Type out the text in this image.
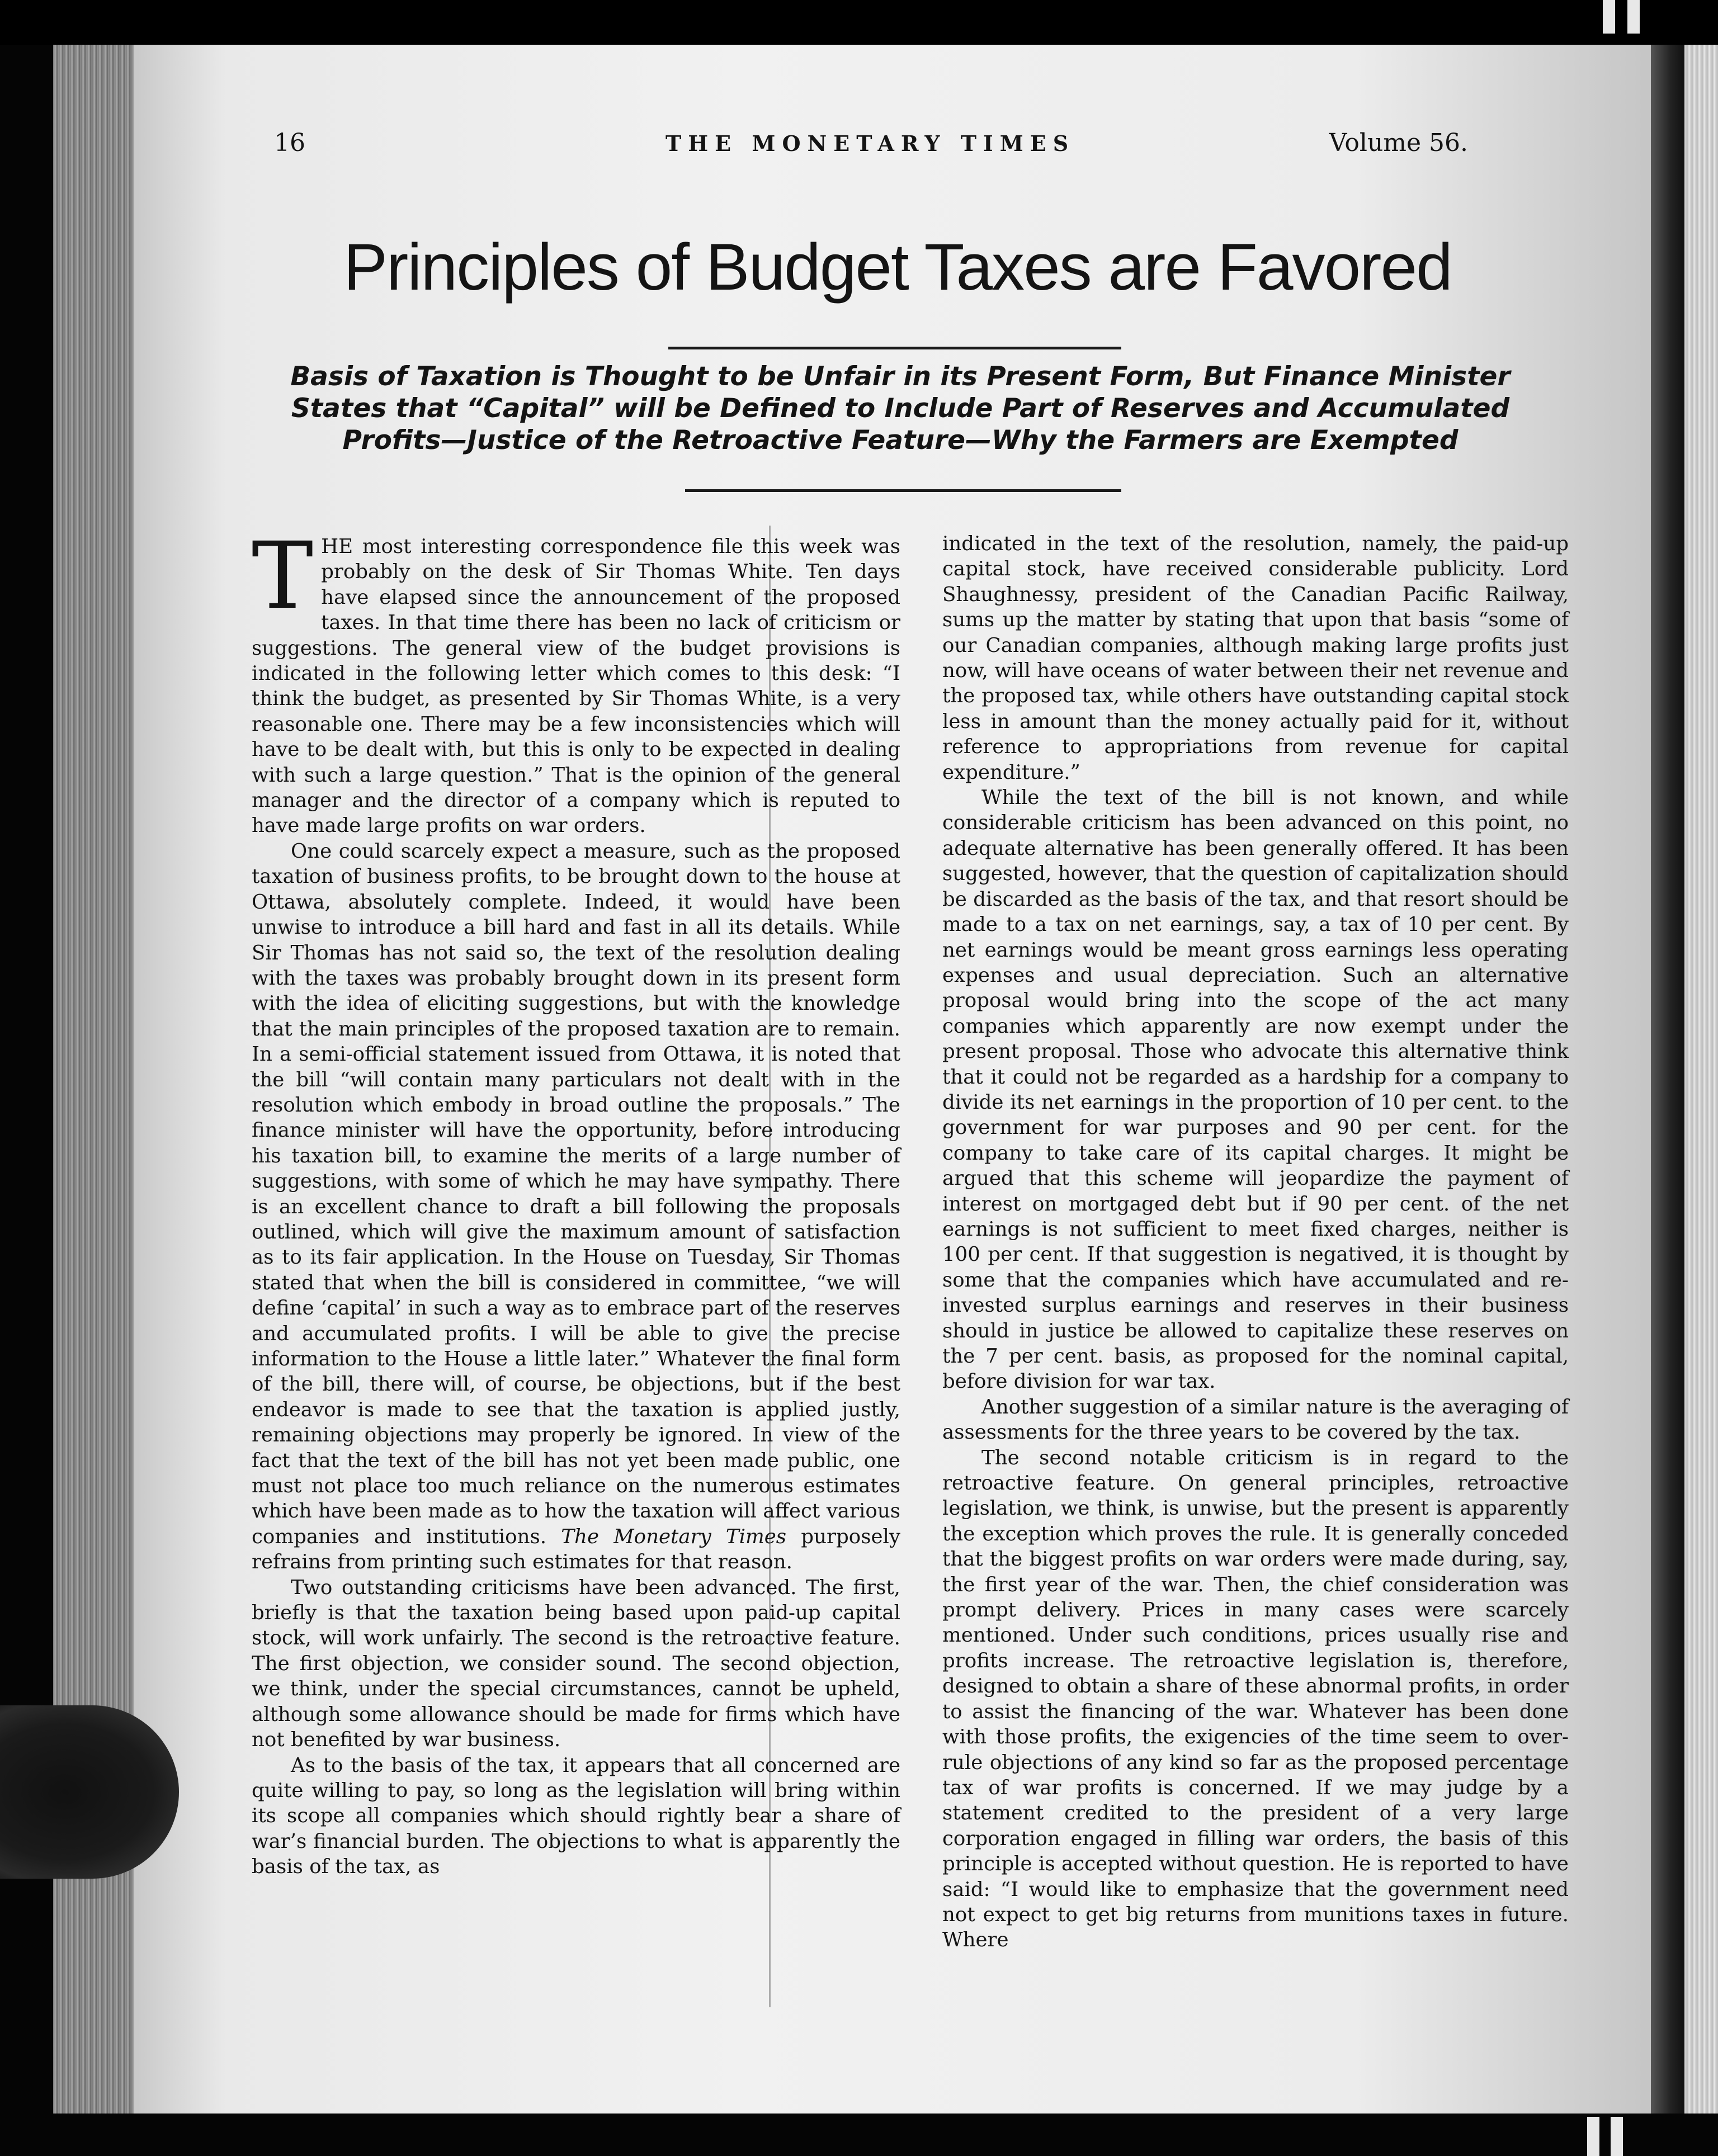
16	THE MONETARY TIMES	Volume 56.
Principles of Budget Taxes are Favored
Basis of Taxation is Thought to be Unfair in its Present Form, But Finance Minister
States that “Capital” will be Defined to Include Part of Reserves and Accumulated
Profits—Justice of the Retroactive Feature—Why the Farmers are Exempted

THE most interesting correspondence file this week was probably on the desk of Sir Thomas White. Ten days have elapsed since the announcement of the proposed taxes. In that time there has been no lack of criticism or suggestions. The general view of the budget provisions is indicated in the following letter which comes to this desk: “I think the budget, as presented by Sir Thomas White, is a very reasonable one. There may be a few inconsistencies which will have to be dealt with, but this is only to be expected in dealing with such a large question.” That is the opinion of the general manager and the director of a company which is reputed to have made large profits on war orders.

One could scarcely expect a measure, such as the proposed taxation of business profits, to be brought down to the house at Ottawa, absolutely complete. Indeed, it would have been unwise to introduce a bill hard and fast in all its details. While Sir Thomas has not said so, the text of the resolution dealing with the taxes was probably brought down in its present form with the idea of eliciting suggestions, but with the knowledge that the main principles of the proposed taxation are to remain. In a semi-official statement issued from Ottawa, it is noted that the bill “will contain many particulars not dealt with in the resolution which embody in broad outline the proposals.” The finance minister will have the opportunity, before introducing his taxation bill, to examine the merits of a large number of suggestions, with some of which he may have sympathy. There is an excellent chance to draft a bill following the proposals outlined, which will give the maximum amount of satisfaction as to its fair application. In the House on Tuesday, Sir Thomas stated that when the bill is considered in committee, “we will define ‘capital’ in such a way as to embrace part of the reserves and accumulated profits. I will be able to give the precise information to the House a little later.” Whatever the final form of the bill, there will, of course, be objections, but if the best endeavor is made to see that the taxation is applied justly, remaining objections may properly be ignored. In view of the fact that the text of the bill has not yet been made public, one must not place too much reliance on the numerous estimates which have been made as to how the taxation will affect various companies and institutions. The Monetary Times purposely refrains from printing such estimates for that reason.

Two outstanding criticisms have been advanced. The first, briefly is that the taxation being based upon paid-up capital stock, will work unfairly. The second is the retroactive feature. The first objection, we consider sound. The second objection, we think, under the special circumstances, cannot be upheld, although some allowance should be made for firms which have not benefited by war business.

As to the basis of the tax, it appears that all concerned are quite willing to pay, so long as the legislation will bring within its scope all companies which should rightly bear a share of war’s financial burden. The objections to what is apparently the basis of the tax, as

indicated in the text of the resolution, namely, the paid-up capital stock, have received considerable publicity. Lord Shaughnessy, president of the Canadian Pacific Railway, sums up the matter by stating that upon that basis “some of our Canadian companies, although making large profits just now, will have oceans of water between their net revenue and the proposed tax, while others have outstanding capital stock less in amount than the money actually paid for it, without reference to appropriations from revenue for capital expenditure.”

While the text of the bill is not known, and while considerable criticism has been advanced on this point, no adequate alternative has been generally offered. It has been suggested, however, that the question of capitalization should be discarded as the basis of the tax, and that resort should be made to a tax on net earnings, say, a tax of 10 per cent. By net earnings would be meant gross earnings less operating expenses and usual depreciation. Such an alternative proposal would bring into the scope of the act many companies which apparently are now exempt under the present proposal. Those who advocate this alternative think that it could not be regarded as a hardship for a company to divide its net earnings in the proportion of 10 per cent. to the government for war purposes and 90 per cent. for the company to take care of its capital charges. It might be argued that this scheme will jeopardize the payment of interest on mortgaged debt but if 90 per cent. of the net earnings is not sufficient to meet fixed charges, neither is 100 per cent. If that suggestion is negatived, it is thought by some that the companies which have accumulated and re-invested surplus earnings and reserves in their business should in justice be allowed to capitalize these reserves on the 7 per cent. basis, as proposed for the nominal capital, before division for war tax.

Another suggestion of a similar nature is the averaging of assessments for the three years to be covered by the tax.

The second notable criticism is in regard to the retroactive feature. On general principles, retroactive legislation, we think, is unwise, but the present is apparently the exception which proves the rule. It is generally conceded that the biggest profits on war orders were made during, say, the first year of the war. Then, the chief consideration was prompt delivery. Prices in many cases were scarcely mentioned. Under such conditions, prices usually rise and profits increase. The retroactive legislation is, therefore, designed to obtain a share of these abnormal profits, in order to assist the financing of the war. Whatever has been done with those profits, the exigencies of the time seem to over-rule objections of any kind so far as the proposed percentage tax of war profits is concerned. If we may judge by a statement credited to the president of a very large corporation engaged in filling war orders, the basis of this principle is accepted without question. He is reported to have said: “I would like to emphasize that the government need not expect to get big returns from munitions taxes in future. Where
